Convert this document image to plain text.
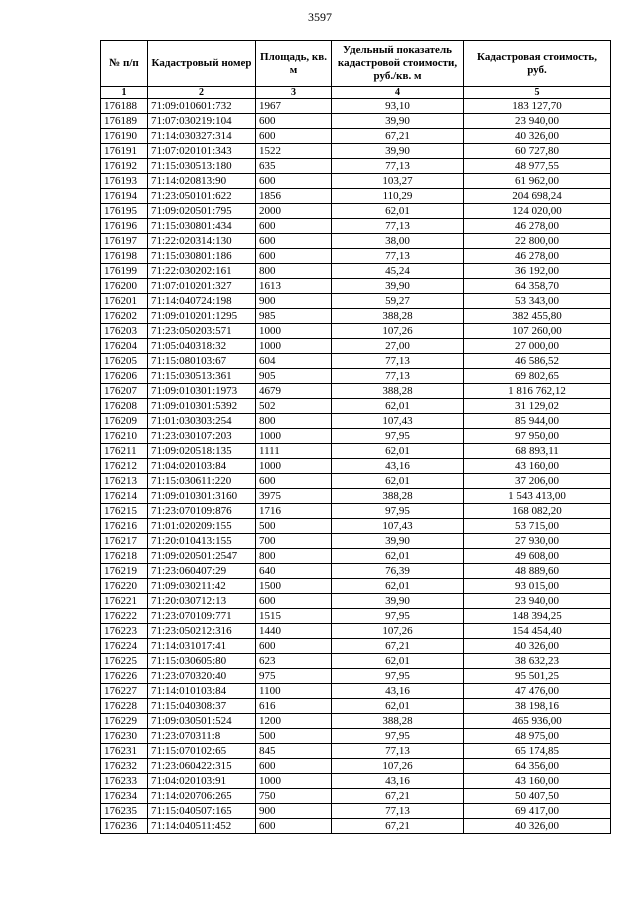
3597
№ п/п	Кадастровый номер	Площадь, кв. м	Удельный показатель кадастровой стоимости, руб./кв. м	Кадастровая стоимость, руб.
1	2	3	4	5
176188	71:09:010601:732	1967	93,10	183 127,70
176189	71:07:030219:104	600	39,90	23 940,00
176190	71:14:030327:314	600	67,21	40 326,00
176191	71:07:020101:343	1522	39,90	60 727,80
176192	71:15:030513:180	635	77,13	48 977,55
176193	71:14:020813:90	600	103,27	61 962,00
176194	71:23:050101:622	1856	110,29	204 698,24
176195	71:09:020501:795	2000	62,01	124 020,00
176196	71:15:030801:434	600	77,13	46 278,00
176197	71:22:020314:130	600	38,00	22 800,00
176198	71:15:030801:186	600	77,13	46 278,00
176199	71:22:030202:161	800	45,24	36 192,00
176200	71:07:010201:327	1613	39,90	64 358,70
176201	71:14:040724:198	900	59,27	53 343,00
176202	71:09:010201:1295	985	388,28	382 455,80
176203	71:23:050203:571	1000	107,26	107 260,00
176204	71:05:040318:32	1000	27,00	27 000,00
176205	71:15:080103:67	604	77,13	46 586,52
176206	71:15:030513:361	905	77,13	69 802,65
176207	71:09:010301:1973	4679	388,28	1 816 762,12
176208	71:09:010301:5392	502	62,01	31 129,02
176209	71:01:030303:254	800	107,43	85 944,00
176210	71:23:030107:203	1000	97,95	97 950,00
176211	71:09:020518:135	1111	62,01	68 893,11
176212	71:04:020103:84	1000	43,16	43 160,00
176213	71:15:030611:220	600	62,01	37 206,00
176214	71:09:010301:3160	3975	388,28	1 543 413,00
176215	71:23:070109:876	1716	97,95	168 082,20
176216	71:01:020209:155	500	107,43	53 715,00
176217	71:20:010413:155	700	39,90	27 930,00
176218	71:09:020501:2547	800	62,01	49 608,00
176219	71:23:060407:29	640	76,39	48 889,60
176220	71:09:030211:42	1500	62,01	93 015,00
176221	71:20:030712:13	600	39,90	23 940,00
176222	71:23:070109:771	1515	97,95	148 394,25
176223	71:23:050212:316	1440	107,26	154 454,40
176224	71:14:031017:41	600	67,21	40 326,00
176225	71:15:030605:80	623	62,01	38 632,23
176226	71:23:070320:40	975	97,95	95 501,25
176227	71:14:010103:84	1100	43,16	47 476,00
176228	71:15:040308:37	616	62,01	38 198,16
176229	71:09:030501:524	1200	388,28	465 936,00
176230	71:23:070311:8	500	97,95	48 975,00
176231	71:15:070102:65	845	77,13	65 174,85
176232	71:23:060422:315	600	107,26	64 356,00
176233	71:04:020103:91	1000	43,16	43 160,00
176234	71:14:020706:265	750	67,21	50 407,50
176235	71:15:040507:165	900	77,13	69 417,00
176236	71:14:040511:452	600	67,21	40 326,00
